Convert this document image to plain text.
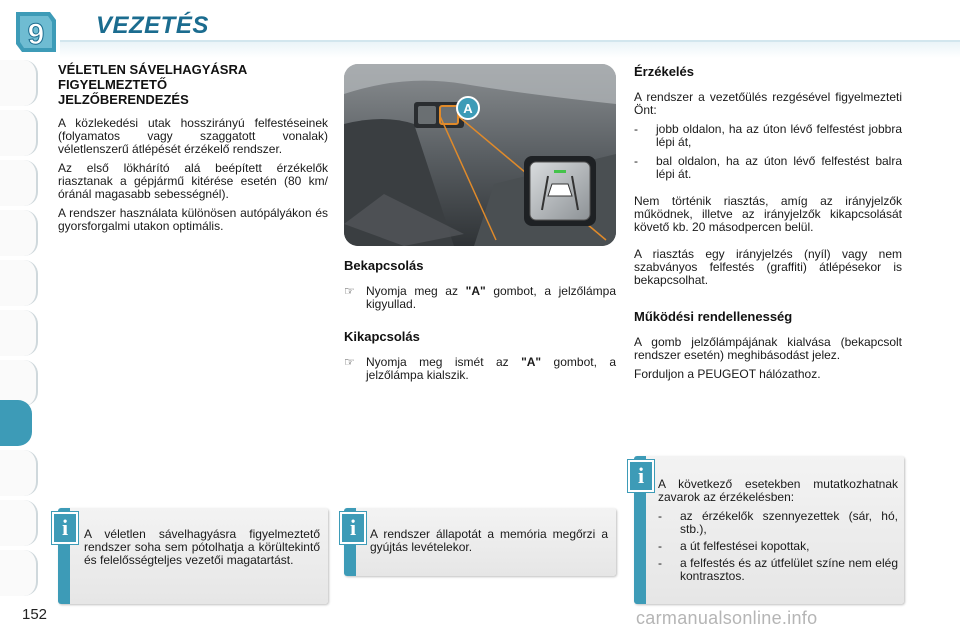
9 VEZETÉS
VÉLETLEN SÁVELHAGYÁSRA FIGYELMEZTETŐ JELZŐBERENDEZÉS

A közlekedési utak hosszirányú felfestéseinek (folyamatos vagy szaggatott vonalak) véletlenszerű átlépését érzékelő rendszer.

Az első lökhárító alá beépített érzékelők riasztanak a gépjármű kitérése esetén (80 km/óránál magasabb sebességnél).

A rendszer használata különösen autópályákon és gyorsforgalmi utakon optimális.

A
Bekapcsolás
☞ Nyomja meg az "A" gombot, a jelzőlámpa kigyullad.
Kikapcsolás
☞ Nyomja meg ismét az "A" gombot, a jelzőlámpa kialszik.
Érzékelés

A rendszer a vezetőülés rezgésével figyelmezteti Önt:

-	jobb oldalon, ha az úton lévő felfestést jobbra lépi át,
-	bal oldalon, ha az úton lévő felfestést balra lépi át.

Nem történik riasztás, amíg az irányjelzők működnek, illetve az irányjelzők kikapcsolását követő kb. 20 másodpercen belül.

A riasztás egy irányjelzés (nyíl) vagy nem szabványos felfestés (graffiti) átlépésekor is bekapcsolhat.

Működési rendellenesség

A gomb jelzőlámpájának kialvása (bekapcsolt rendszer esetén) meghibásodást jelez.

Forduljon a PEUGEOT hálózathoz.

A véletlen sávelhagyásra figyelmeztető rendszer soha sem pótolhatja a körültekintő és felelősségteljes vezetői magatartást.
i	A rendszer állapotát a memória megőrzi a gyújtás levételekor.
i

A következő esetekben mutatkozhatnak zavarok az érzékelésben:

-	az érzékelők szennyezettek (sár, hó, stb.),
-	a út felfestései kopottak,
-	a felfestés és az útfelület színe nem elég kontrasztos.
i
152	carmanualsonline.info
